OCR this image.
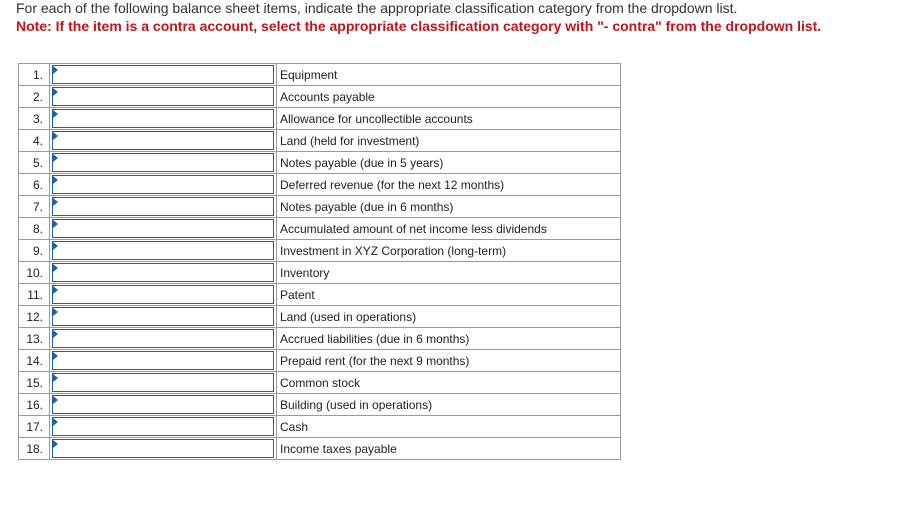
For each of the following balance sheet items, indicate the appropriate classification category from the dropdown list.
Note: If the item is a contra account, select the appropriate classification category with "- contra" from the dropdown list.
1.		Equipment
2.		Accounts payable
3.		Allowance for uncollectible accounts
4.		Land (held for investment)
5.		Notes payable (due in 5 years)
6.		Deferred revenue (for the next 12 months)
7.		Notes payable (due in 6 months)
8.		Accumulated amount of net income less dividends
9.		Investment in XYZ Corporation (long-term)
10.		Inventory
11.		Patent
12.		Land (used in operations)
13.		Accrued liabilities (due in 6 months)
14.		Prepaid rent (for the next 9 months)
15.		Common stock
16.		Building (used in operations)
17.		Cash
18.		Income taxes payable
